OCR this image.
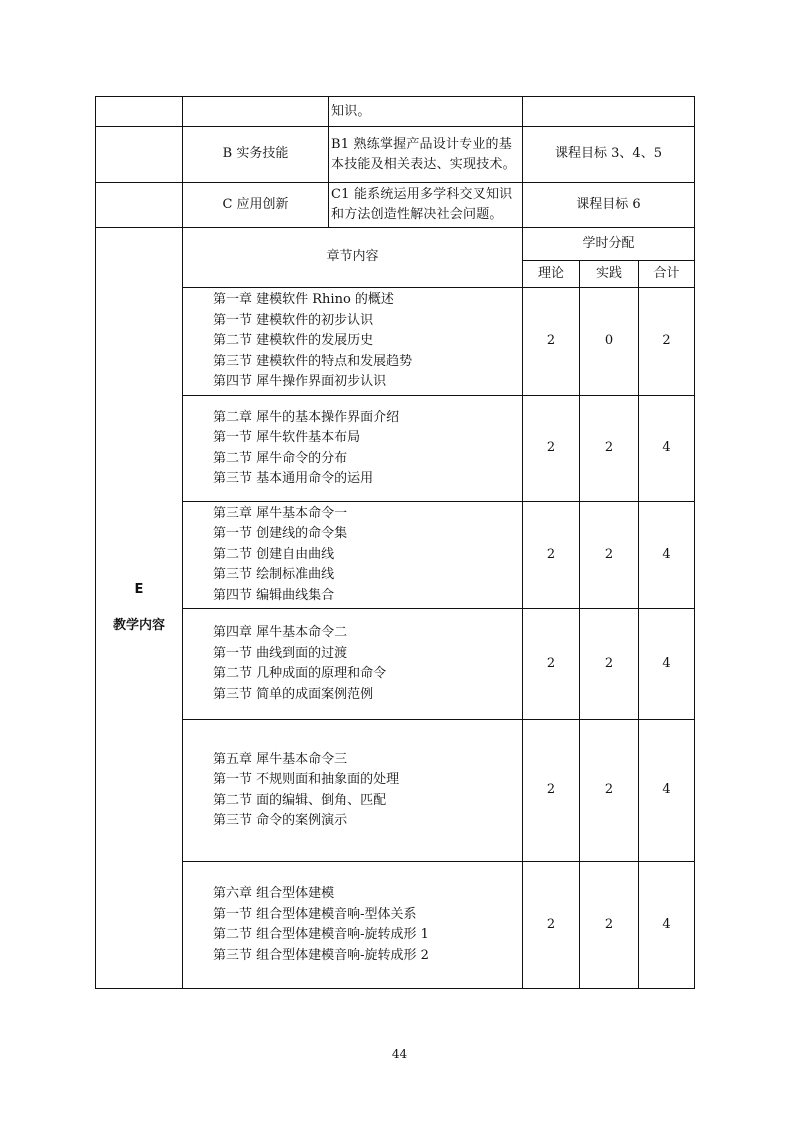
		知识。			
	B 实务技能	B1 熟练掌握产品设计专业的基本技能及相关表达、实现技术。	课程目标 3、4、5		
	C 应用创新	C1 能系统运用多学科交叉知识和方法创造性解决社会问题。	课程目标 6		

E
教学内容	章节内容		学时分配		
			理论	实践	合计

	第一章 建模软件 Rhino 的概述
第一节 建模软件的初步认识
第二节 建模软件的发展历史
第三节 建模软件的特点和发展趋势
第四节 犀牛操作界面初步认识		2	0	2

	第二章 犀牛的基本操作界面介绍
第一节 犀牛软件基本布局
第二节 犀牛命令的分布
第三节 基本通用命令的运用		2	2	4

	第三章 犀牛基本命令一
第一节 创建线的命令集
第二节 创建自由曲线
第三节 绘制标准曲线
第四节 编辑曲线集合		2	2	4

	第四章 犀牛基本命令二
第一节 曲线到面的过渡
第二节 几种成面的原理和命令
第三节 简单的成面案例范例		2	2	4

	第五章 犀牛基本命令三
第一节 不规则面和抽象面的处理
第二节 面的编辑、倒角、匹配
第三节 命令的案例演示		2	2	4

	第六章 组合型体建模
第一节 组合型体建模音响-型体关系
第二节 组合型体建模音响-旋转成形 1
第三节 组合型体建模音响-旋转成形 2		2	2	4
44
